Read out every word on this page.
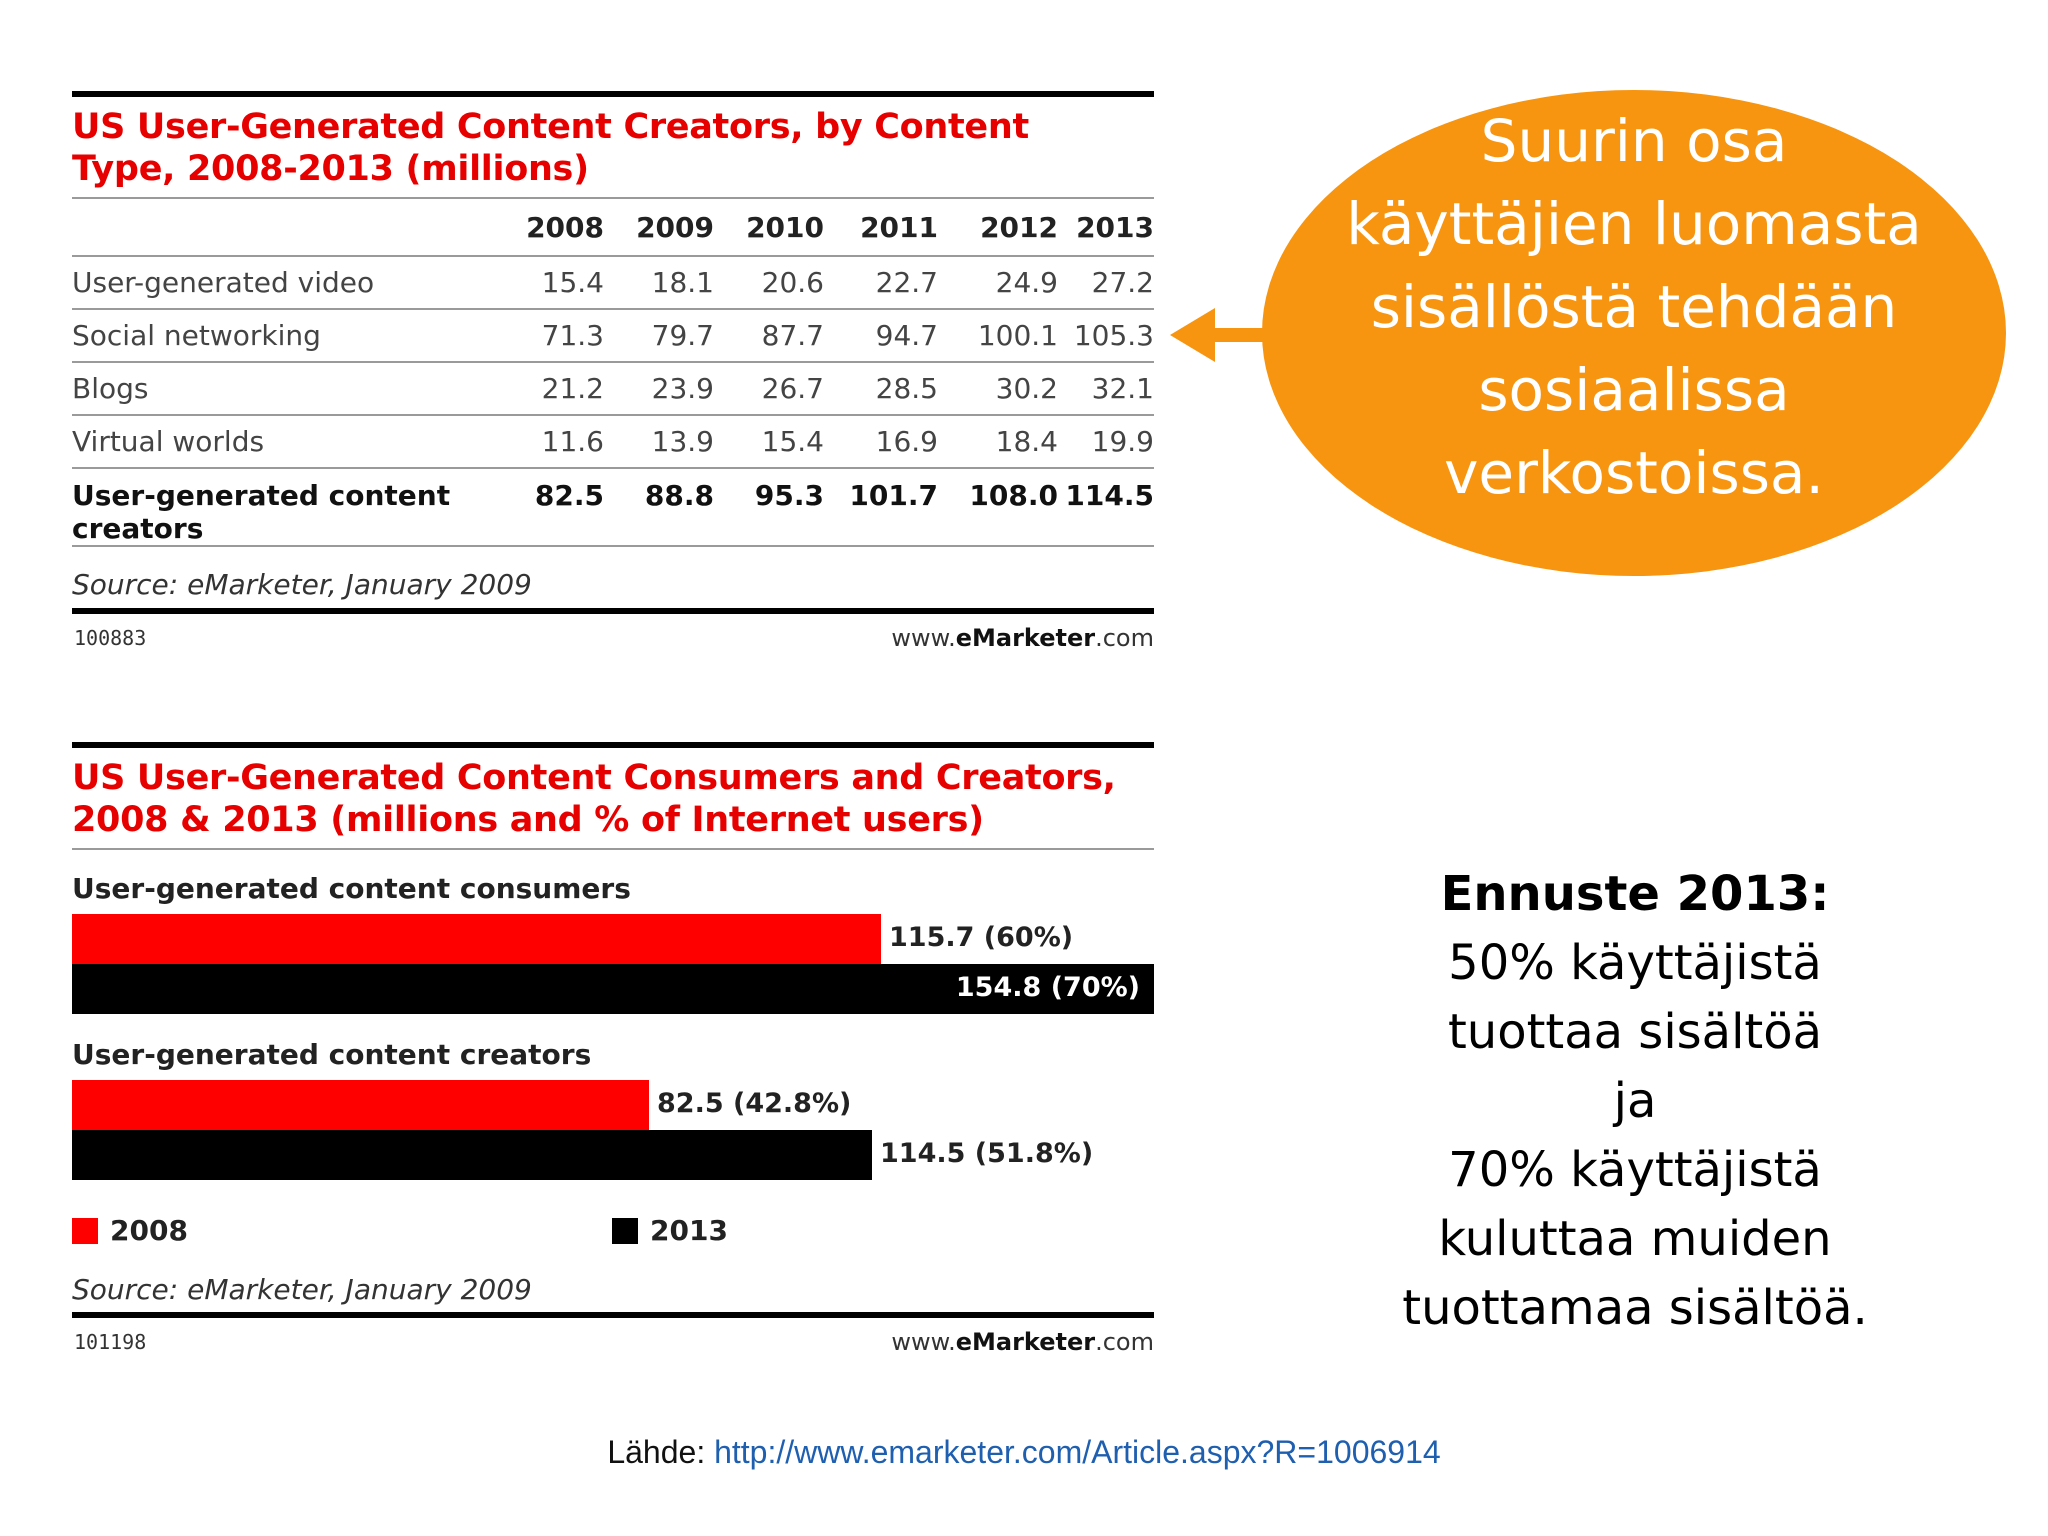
US User-Generated Content Creators, by Content
Type, 2008-2013 (millions)
	2008	2009	2010	2011	2012	2013
User-generated video	15.4	18.1	20.6	22.7	24.9	27.2
Social networking	71.3	79.7	87.7	94.7	100.1	105.3
Blogs	21.2	23.9	26.7	28.5	30.2	32.1
Virtual worlds	11.6	13.9	15.4	16.9	18.4	19.9

User-generated content
creators	82.5	88.8	95.3	101.7	108.0	114.5
Source: eMarketer, January 2009
100883	www.eMarketer.com
US User-Generated Content Consumers and Creators,
2008 & 2013 (millions and % of Internet users)
User-generated content consumers
User-generated content creators
115.7 (60%)
154.8 (70%)
82.5 (42.8%)
114.5 (51.8%)
2008	2013
Source: eMarketer, January 2009
101198	www.eMarketer.com
Suurin osa
käyttäjien luomasta
sisällöstä tehdään
sosiaalissa
verkostoissa.
Ennuste 2013:
50% käyttäjistä
tuottaa sisältöä
ja
70% käyttäjistä
kuluttaa muiden
tuottamaa sisältöä.
Lähde: http://www.emarketer.com/Article.aspx?R=1006914
